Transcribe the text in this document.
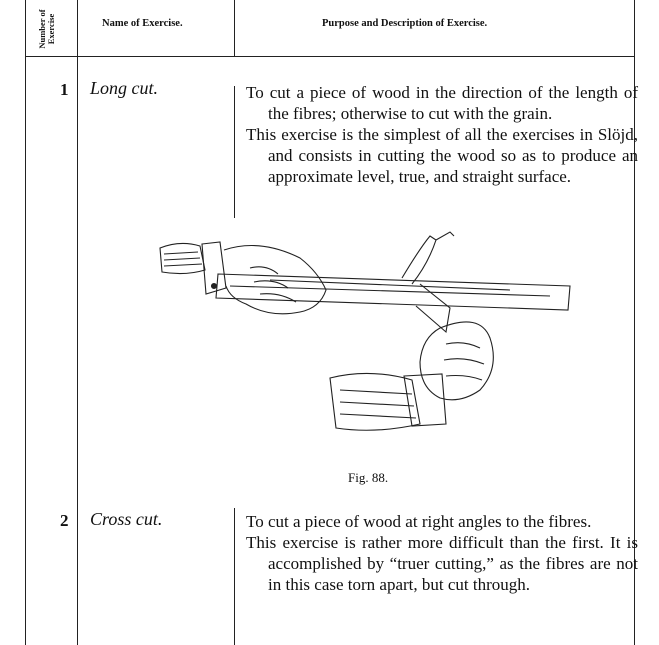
Number of Exercise	Name of Exercise.	Purpose and Description of Exercise.
1 Long cut.	To cut a piece of wood in the direction of the length of the fibres; otherwise to cut with the grain.

This exercise is the simplest of all the exercises in Slöjd, and consists in cutting the wood so as to produce an approximate level, true, and straight surface.

Fig. 88.
2 Cross cut.	To cut a piece of wood at right angles to the fibres.

This exercise is rather more difficult than the first. It is accomplished by “truer cutting,” as the fibres are not in this case torn apart, but cut through.
